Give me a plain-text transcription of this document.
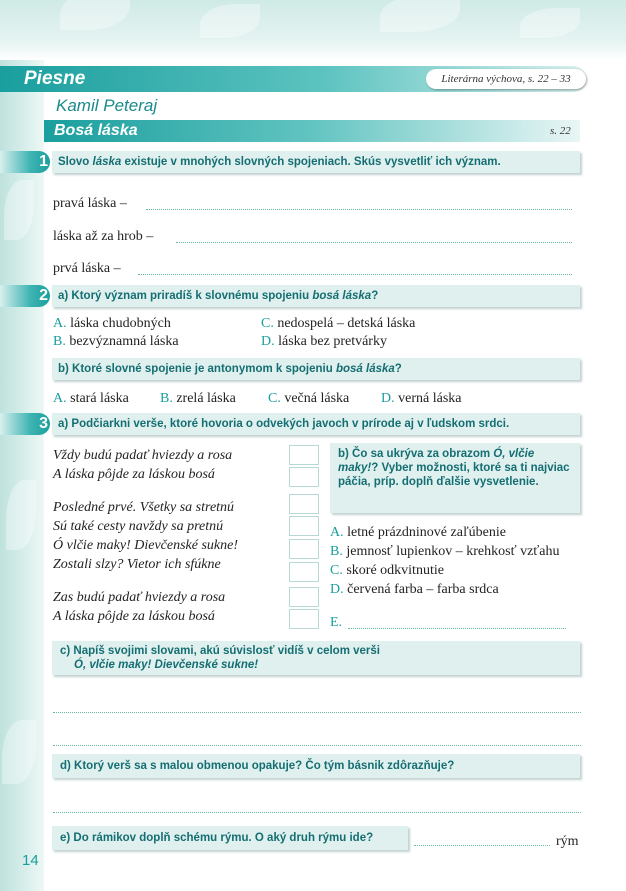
Piesne	Literárna výchova, s. 22 – 33
Kamil Peteraj
Bosá láska	s. 22
1 Slovo láska existuje v mnohých slovných spojeniach. Skús vysvetliť ich význam.
pravá láska –
láska až za hrob –
prvá láska –
2 a) Ktorý význam priradíš k slovnému spojeniu bosá láska?
A. láska chudobných
B. bezvýznamná láska
C. nedospelá – detská láska
D. láska bez pretvárky
b) Ktoré slovné spojenie je antonymom k spojeniu bosá láska?
A. stará láska B. zrelá láska C. večná láska D. verná láska
3 a) Podčiarkni verše, ktoré hovoria o odvekých javoch v prírode aj v ľudskom srdci.
Vždy budú padať hviezdy a rosa
A láska pôjde za láskou bosá
Posledné prvé. Všetky sa stretnú
Sú také cesty navždy sa pretnú
Ó vlčie maky! Dievčenské sukne!
Zostali slzy? Vietor ich sfúkne
Zas budú padať hviezdy a rosa
A láska pôjde za láskou bosá
b) Čo sa ukrýva za obrazom Ó, vlčie maky!? Vyber možnosti, ktoré sa ti najviac páčia, príp. doplň ďalšie vysvetlenie.
A. letné prázdninové zaľúbenie
B. jemnosť lupienkov – krehkosť vzťahu
C. skoré odkvitnutie
D. červená farba – farba srdca
E.
c) Napíš svojimi slovami, akú súvislosť vidíš v celom verši
Ó, vlčie maky! Dievčenské sukne!
d) Ktorý verš sa s malou obmenou opakuje? Čo tým básnik zdôrazňuje?
e) Do rámikov doplň schému rýmu. O aký druh rýmu ide?	rým
14
